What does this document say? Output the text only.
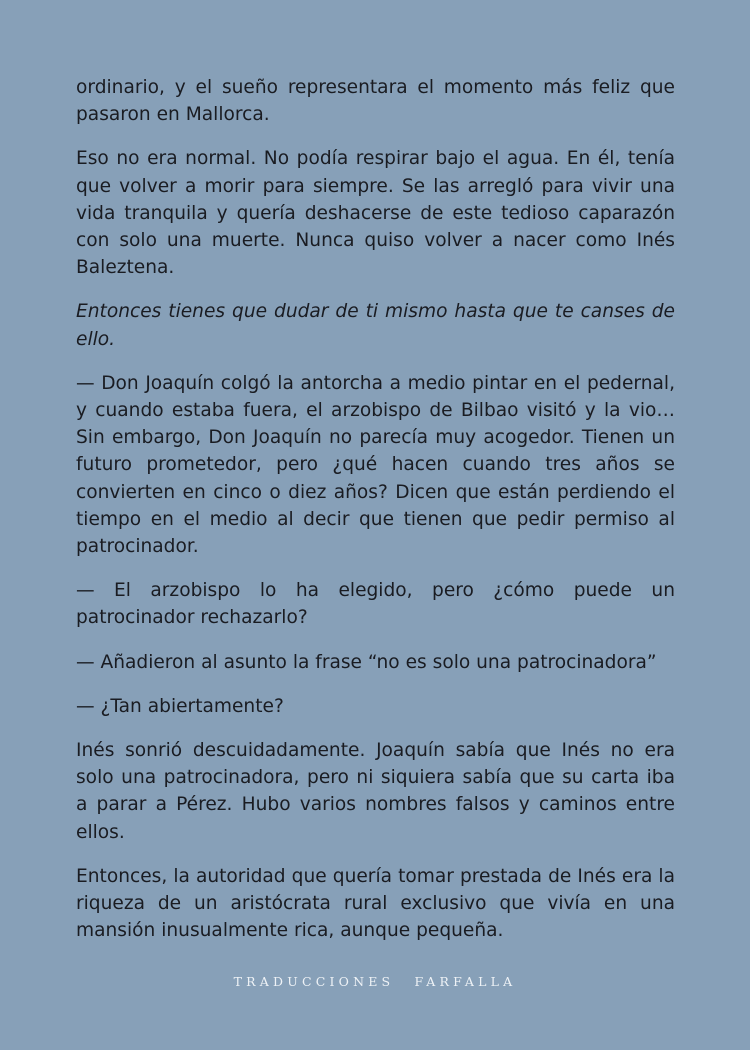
ordinario, y el sueño representara el momento más feliz que pasaron en Mallorca.

Eso no era normal. No podía respirar bajo el agua. En él, tenía que volver a morir para siempre. Se las arregló para vivir una vida tranquila y quería deshacerse de este tedioso caparazón con solo una muerte. Nunca quiso volver a nacer como Inés Baleztena.

Entonces tienes que dudar de ti mismo hasta que te canses de ello.

— Don Joaquín colgó la antorcha a medio pintar en el pedernal, y cuando estaba fuera, el arzobispo de Bilbao visitó y la vio… Sin embargo, Don Joaquín no parecía muy acogedor. Tienen un futuro prometedor, pero ¿qué hacen cuando tres años se convierten en cinco o diez años? Dicen que están perdiendo el tiempo en el medio al decir que tienen que pedir permiso al patrocinador.

— El arzobispo lo ha elegido, pero ¿cómo puede un patrocinador rechazarlo?

— Añadieron al asunto la frase “no es solo una patrocinadora”

— ¿Tan abiertamente?

Inés sonrió descuidadamente. Joaquín sabía que Inés no era solo una patrocinadora, pero ni siquiera sabía que su carta iba a parar a Pérez. Hubo varios nombres falsos y caminos entre ellos.

Entonces, la autoridad que quería tomar prestada de Inés era la riqueza de un aristócrata rural exclusivo que vivía en una mansión inusualmente rica, aunque pequeña.

TRADUCCIONES FARFALLA
